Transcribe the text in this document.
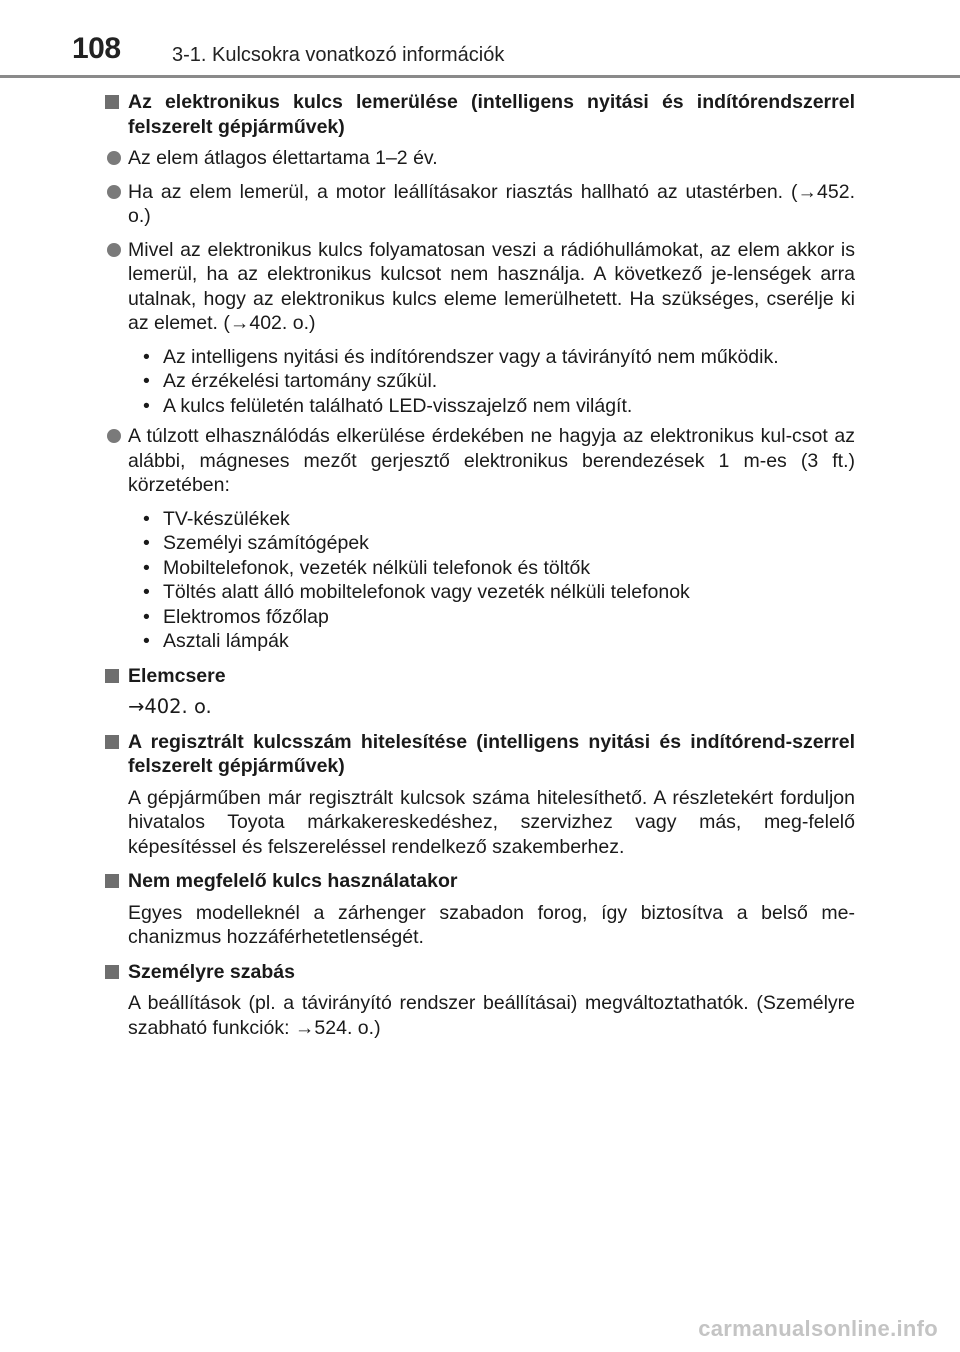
108	3-1. Kulcsokra vonatkozó információk
Az elektronikus kulcs lemerülése (intelligens nyitási és indítórendszerrel felszerelt gépjárművek)
Az elem átlagos élettartama 1–2 év.
Ha az elem lemerül, a motor leállításakor riasztás hallható az utastérben. (→452. o.)
Mivel az elektronikus kulcs folyamatosan veszi a rádióhullámokat, az elem akkor is lemerül, ha az elektronikus kulcsot nem használja. A következő je-lenségek arra utalnak, hogy az elektronikus kulcs eleme lemerülhetett. Ha szükséges, cserélje ki az elemet. (→402. o.)
• Az intelligens nyitási és indítórendszer vagy a távirányító nem működik.
• Az érzékelési tartomány szűkül.
• A kulcs felületén található LED-visszajelző nem világít.
A túlzott elhasználódás elkerülése érdekében ne hagyja az elektronikus kul-csot az alábbi, mágneses mezőt gerjesztő elektronikus berendezések 1 m-es (3 ft.) körzetében:
• TV-készülékek
• Személyi számítógépek
• Mobiltelefonok, vezeték nélküli telefonok és töltők
• Töltés alatt álló mobiltelefonok vagy vezeték nélküli telefonok
• Elektromos főzőlap
• Asztali lámpák
Elemcsere
→402. o.
A regisztrált kulcsszám hitelesítése (intelligens nyitási és indítórend-szerrel felszerelt gépjárművek)
A gépjárműben már regisztrált kulcsok száma hitelesíthető. A részletekért forduljon hivatalos Toyota márkakereskedéshez, szervizhez vagy más, meg-felelő képesítéssel és felszereléssel rendelkező szakemberhez.
Nem megfelelő kulcs használatakor
Egyes modelleknél a zárhenger szabadon forog, így biztosítva a belső me-chanizmus hozzáférhetetlenségét.
Személyre szabás
A beállítások (pl. a távirányító rendszer beállításai) megváltoztathatók. (Személyre szabható funkciók: →524. o.)
carmanualsonline.info
